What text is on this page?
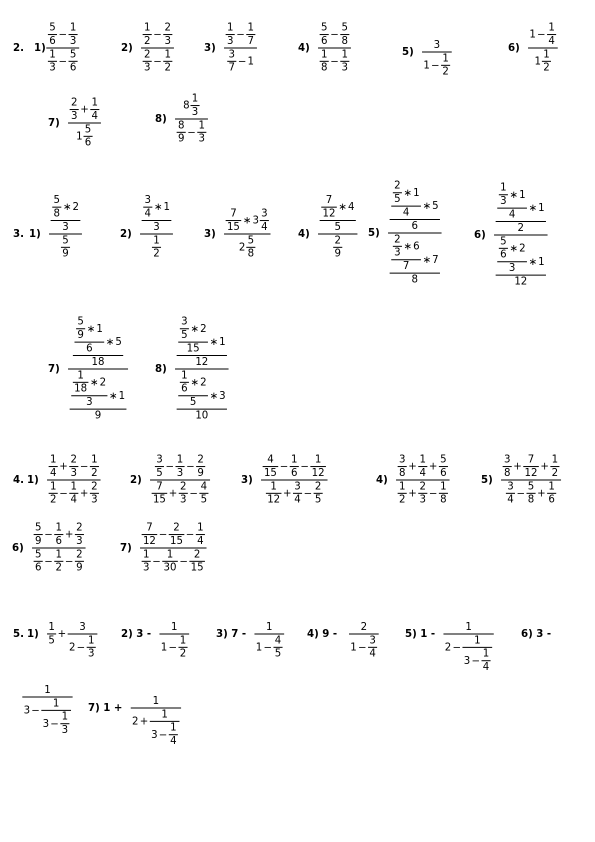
2. 1)
5
6
−
1
3
1
3
−
5
6
2)
1
2
−
2
3
2
3
−
1
2
3)
1
3
−
1
7
3
7
− 1
4)
5
6
−
5
8
1
8
−
1
3
5)
3
1 −
1
2
6)
1 −
1
4
1
1
2
7)
2
3
+
1
4
1
5
6
8)
8
1
3
8
9
−
1
3
3. 1)
5
8
∗ 2
3
5
9
2)
3
4
∗ 1
3
1
2
3)
7
15
∗ 3
3
4
2
5
8
4)
7
12
∗ 4
5
2
9
5)
2
5
∗ 1
4
∗ 5
6
2
3
∗ 6
7
∗ 7
8
6)
1
3
∗ 1
4
∗ 1
2
5
6
∗ 2
3
∗ 1
12
7)
5
9
∗ 1
6
∗ 5
18
1
18
∗ 2
3
∗ 1
9
8)
3
5
∗ 2
15
∗ 1
12
1
6
∗ 2
5
∗ 3
10
4. 1)
1
4
+
2
3
−
1
2
1
2
−
1
4
+
2
3
2)
3
5
−
1
3
−
2
9
7
15
+
2
3
−
4
5
3)
4
15
−
1
6
−
1
12
1
12
+
3
4
−
2
5
4)
3
8
+
1
4
+
5
6
1
2
+
2
3
−
1
8
5)
3
8
+
7
12
+
1
2
3
4
−
5
8
+
1
6
6)
5
9
−
1
6
+
2
3
5
6
−
1
2
−
2
9
7)
7
12
−
2
15
−
1
4
1
3
−
1
30
−
2
15
5. 1)
1
5
+
3
2 −
1
3
2) 3 -
1
1 −
1
2
3) 7 -
1
1 −
4
5
4) 9 -
2
1 −
3
4
5) 1 -
1
2 −
1
3 −
1
4
6) 3 -
1
3 −
1
3 −
1
3
7) 1 +
1
2 +
1
3 −
1
4
